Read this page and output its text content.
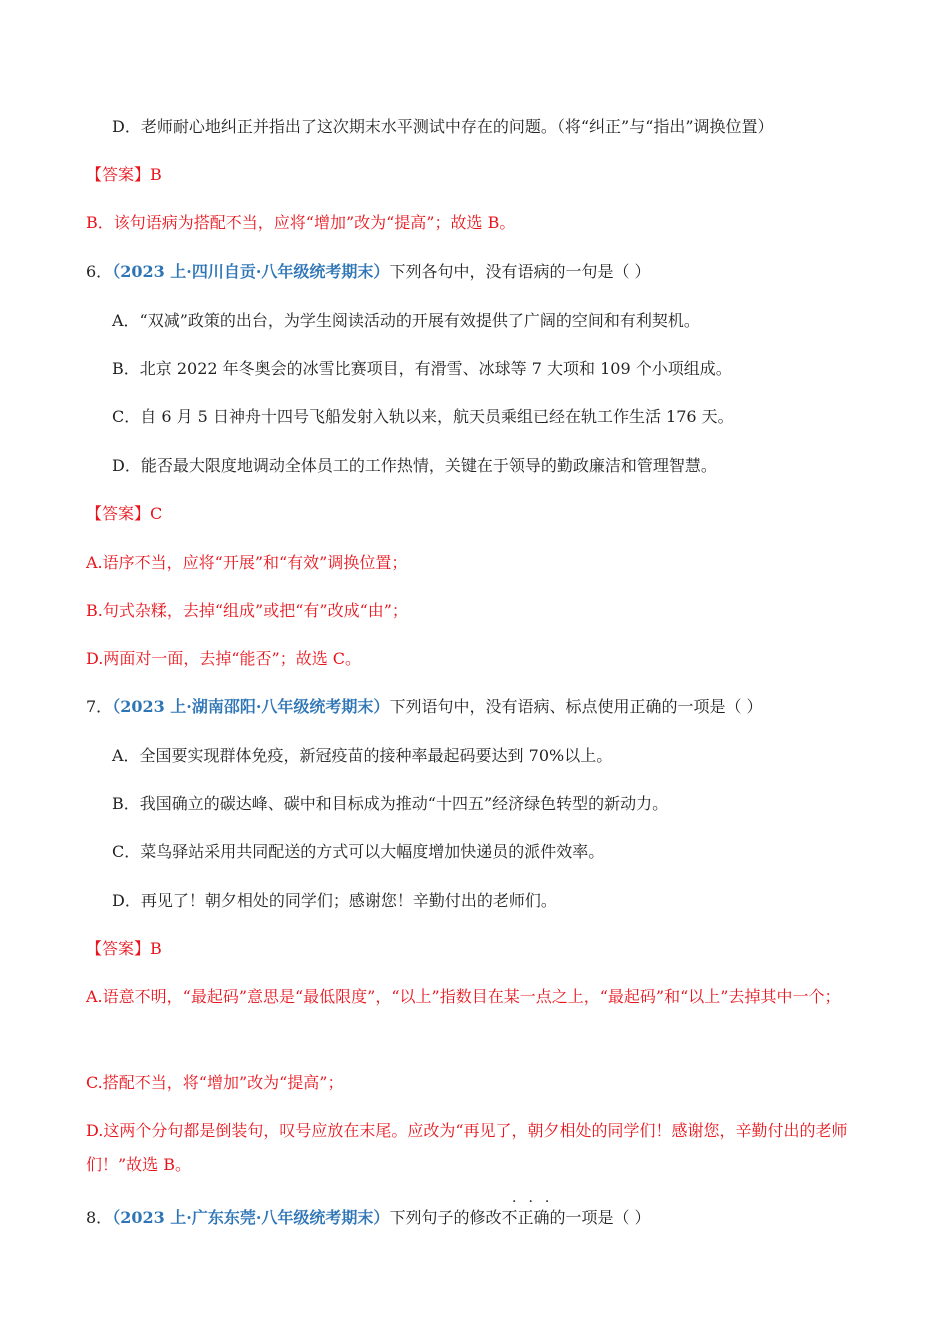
D．老师耐心地纠正并指出了这次期末水平测试中存在的问题。（将“纠正”与“指出”调换位置）
【答案】B
B．该句语病为搭配不当，应将“增加”改为“提高”；故选 B。
6．（2023 上·四川自贡·八年级统考期末）下列各句中，没有语病的一句是（ ）
A．“双减”政策的出台，为学生阅读活动的开展有效提供了广阔的空间和有利契机。
B．北京 2022 年冬奥会的冰雪比赛项目，有滑雪、冰球等 7 大项和 109 个小项组成。
C．自 6 月 5 日神舟十四号飞船发射入轨以来，航天员乘组已经在轨工作生活 176 天。
D．能否最大限度地调动全体员工的工作热情，关键在于领导的勤政廉洁和管理智慧。
【答案】C
A.语序不当，应将“开展”和“有效”调换位置；
B.句式杂糅，去掉“组成”或把“有”改成“由”；
D.两面对一面，去掉“能否”；故选 C。
7．（2023 上·湖南邵阳·八年级统考期末）下列语句中，没有语病、标点使用正确的一项是（ ）
A．全国要实现群体免疫，新冠疫苗的接种率最起码要达到 70%以上。
B．我国确立的碳达峰、碳中和目标成为推动“十四五”经济绿色转型的新动力。
C．菜鸟驿站采用共同配送的方式可以大幅度增加快递员的派件效率。
D．再见了！朝夕相处的同学们；感谢您！辛勤付出的老师们。
【答案】B
A.语意不明，“最起码”意思是“最低限度”，“以上”指数目在某一点之上，“最起码”和“以上”去掉其中一个；
C.搭配不当，将“增加”改为“提高”；
D.这两个分句都是倒装句，叹号应放在末尾。应改为“再见了，朝夕相处的同学们！感谢您，辛勤付出的老师们！”故选 B。
···
8．（2023 上·广东东莞·八年级统考期末）下列句子的修改不正确的一项是（ ）
